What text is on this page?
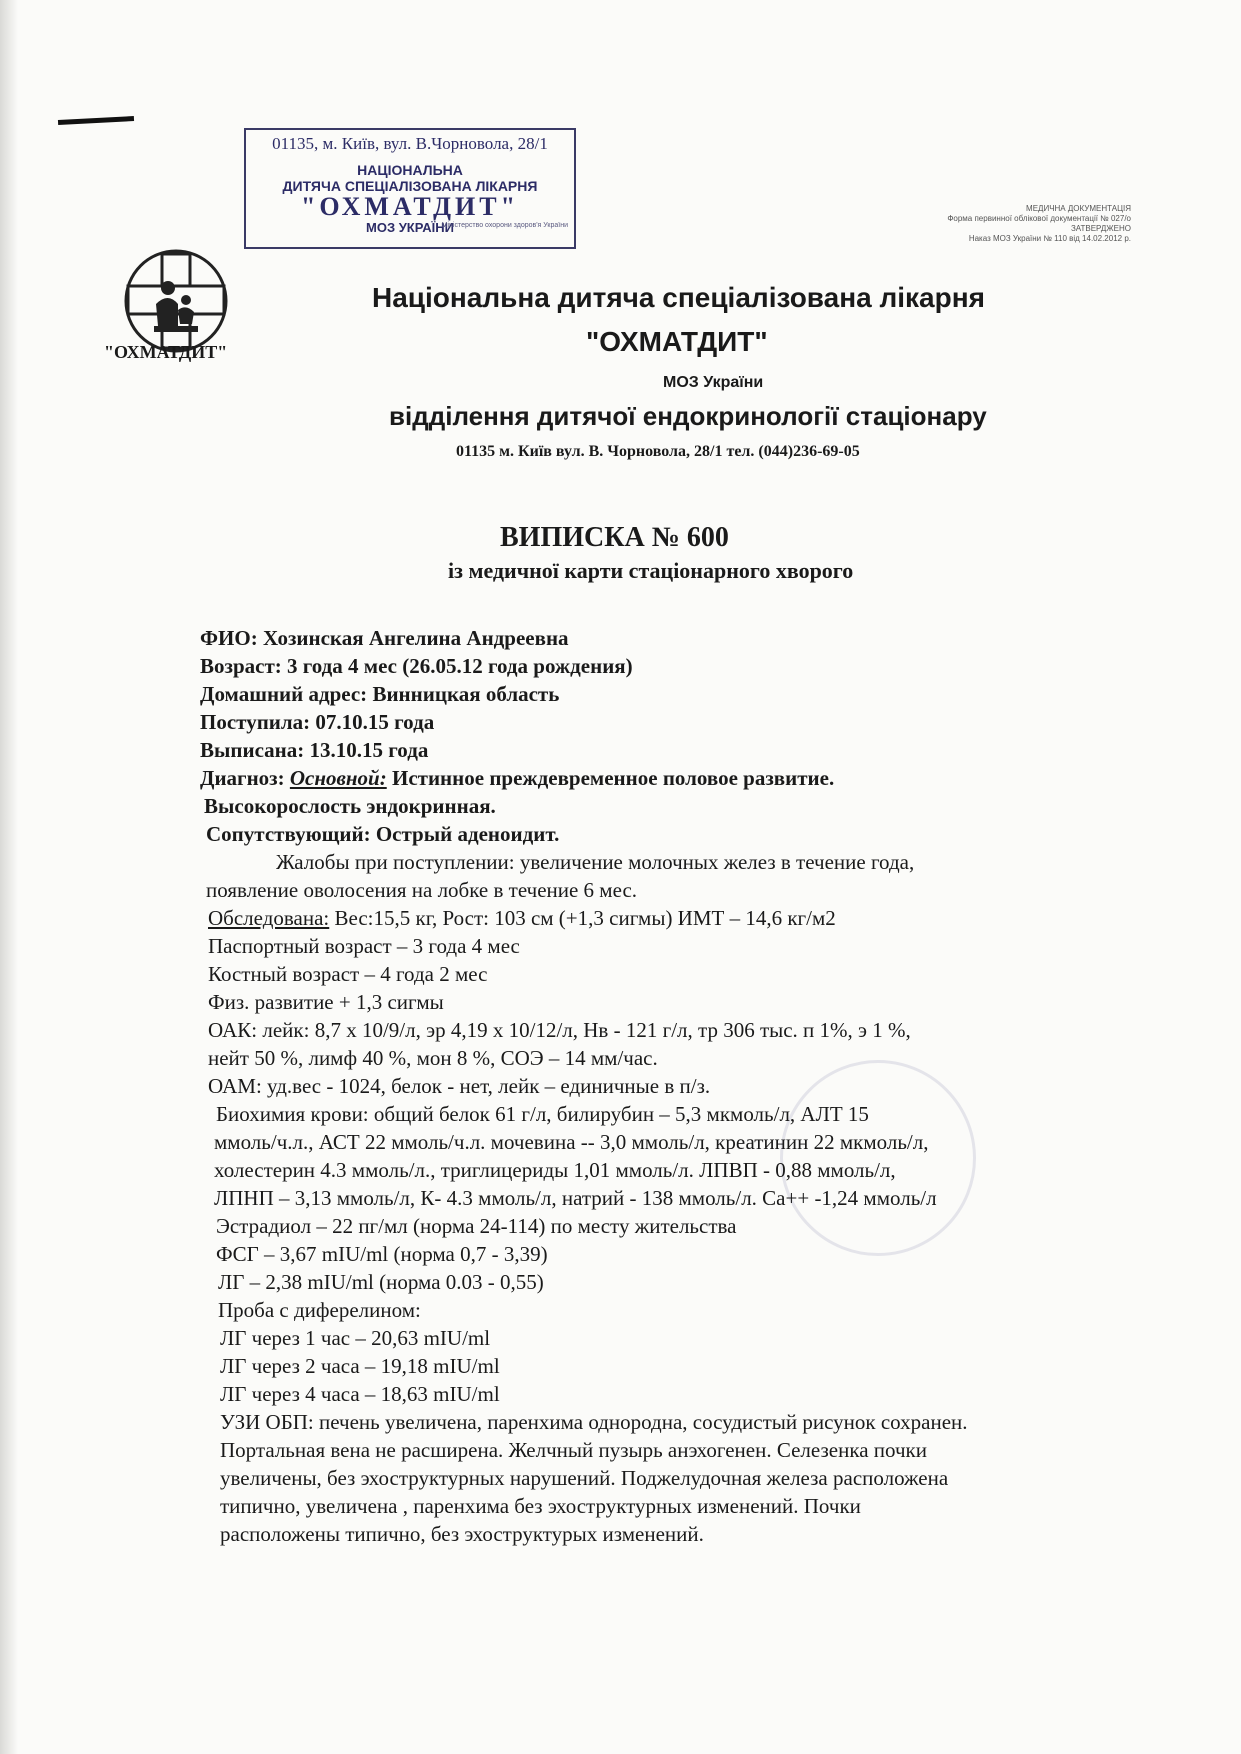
01135, м. Київ, вул. В.Чорновола, 28/1
НАЦІОНАЛЬНА
ДИТЯЧА СПЕЦІАЛІЗОВАНА ЛІКАРНЯ
"ОХМАТДИТ"
МОЗ УКРАЇНИ
Міністерство охорони здоров'я України
МЕДИЧНА ДОКУМЕНТАЦІЯ
Форма первинної облікової документації № 027/о
ЗАТВЕРДЖЕНО
Наказ МОЗ України № 110 від 14.02.2012 р.
"ОХМАТДИТ"
Національна дитяча спеціалізована лікарня
"ОХМАТДИТ"
МОЗ України
відділення дитячої ендокринології стаціонару
01135 м. Київ вул. В. Чорновола, 28/1 тел. (044)236-69-05
ВИПИСКА № 600
із медичної карти стаціонарного хворого
ФИО: Хозинская Ангелина Андреевна
Возраст: 3 года 4 мес (26.05.12 года рождения)
Домашний адрес: Винницкая область
Поступила: 07.10.15 года
Выписана: 13.10.15 года
Диагноз: Основной: Истинное преждевременное половое развитие.
Высокорослость эндокринная.
Сопутствующий: Острый аденоидит.
Жалобы при поступлении: увеличение молочных желез в течение года,
появление оволосения на лобке в течение 6 мес.
Обследована: Вес:15,5 кг, Рост: 103 см (+1,3 сигмы) ИМТ – 14,6 кг/м2
Паспортный возраст – 3 года 4 мес
Костный возраст – 4 года 2 мес
Физ. развитие + 1,3 сигмы
ОАК: лейк: 8,7 х 10/9/л, эр 4,19 х 10/12/л, Нв - 121 г/л, тр 306 тыс. п 1%, э 1 %,
нейт 50 %, лимф 40 %, мон 8 %, СОЭ – 14 мм/час.
ОАМ: уд.вес - 1024, белок - нет, лейк – единичные в п/з.
Биохимия крови: общий белок 61 г/л, билирубин – 5,3 мкмоль/л, АЛТ 15
ммоль/ч.л., АСТ 22 ммоль/ч.л. мочевина -- 3,0 ммоль/л, креатинин 22 мкмоль/л,
холестерин 4.3 ммоль/л., триглицериды 1,01 ммоль/л. ЛПВП - 0,88 ммоль/л,
ЛПНП – 3,13 ммоль/л, К- 4.3 ммоль/л, натрий - 138 ммоль/л. Са++ -1,24 ммоль/л
Эстрадиол – 22 пг/мл (норма 24-114) по месту жительства
ФСГ – 3,67 mIU/ml (норма 0,7 - 3,39)
ЛГ – 2,38 mIU/ml (норма 0.03 - 0,55)
Проба с диферелином:
ЛГ через 1 час – 20,63 mIU/ml
ЛГ через 2 часа – 19,18 mIU/ml
ЛГ через 4 часа – 18,63 mIU/ml
УЗИ ОБП: печень увеличена, паренхима однородна, сосудистый рисунок сохранен.
Портальная вена не расширена. Желчный пузырь анэхогенен. Селезенка почки
увеличены, без эхоструктурных нарушений. Поджелудочная железа расположена
типично, увеличена , паренхима без эхоструктурных изменений. Почки
расположены типично, без эхоструктурых изменений.
